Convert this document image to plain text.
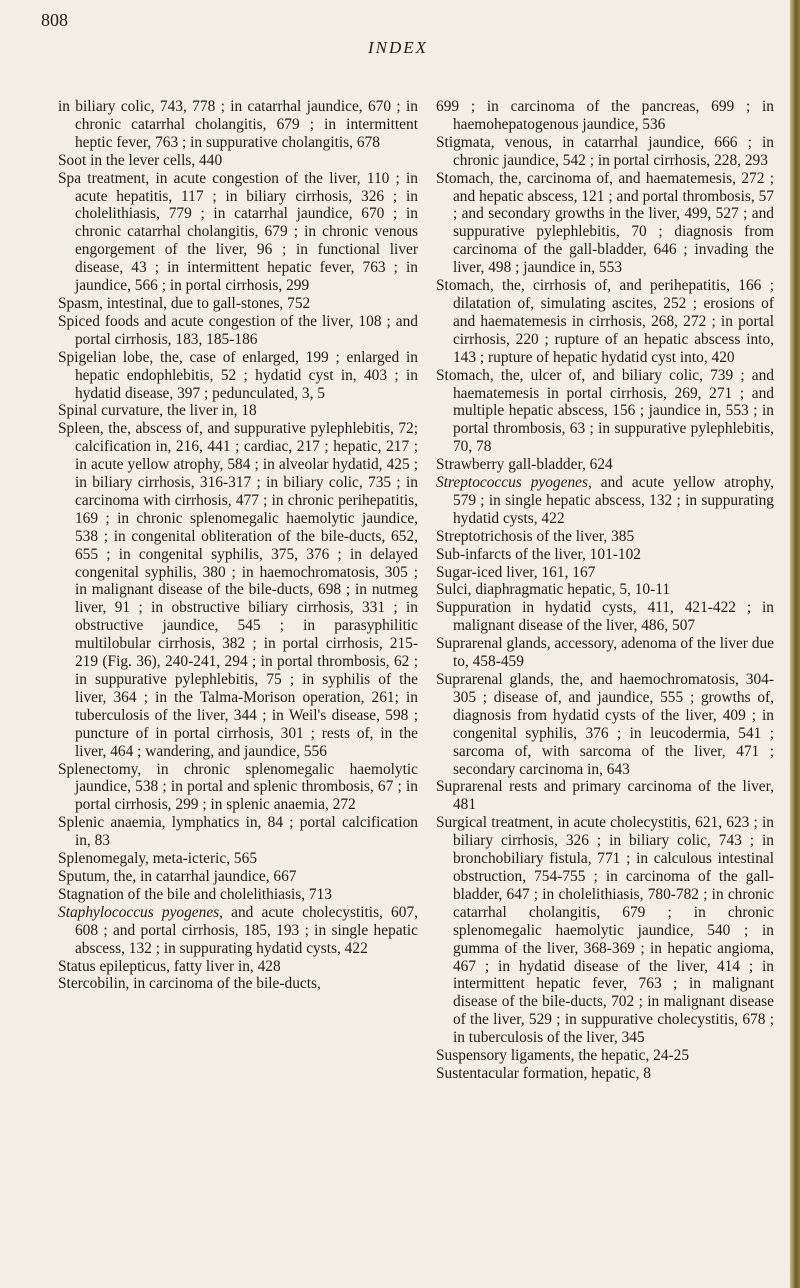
808
INDEX

in biliary colic, 743, 778 ; in catarrhal jaundice, 670 ; in chronic catarrhal cholangitis, 679 ; in intermittent heptic fever, 763 ; in suppurative cholangitis, 678

Soot in the lever cells, 440

Spa treatment, in acute congestion of the liver, 110 ; in acute hepatitis, 117 ; in biliary cirrhosis, 326 ; in cholelithiasis, 779 ; in catarrhal jaundice, 670 ; in chronic catarrhal cholangitis, 679 ; in chronic venous engorgement of the liver, 96 ; in functional liver disease, 43 ; in intermittent hepatic fever, 763 ; in jaundice, 566 ; in portal cirrhosis, 299

Spasm, intestinal, due to gall-stones, 752

Spiced foods and acute congestion of the liver, 108 ; and portal cirrhosis, 183, 185-186

Spigelian lobe, the, case of enlarged, 199 ; enlarged in hepatic endophlebitis, 52 ; hydatid cyst in, 403 ; in hydatid disease, 397 ; pedunculated, 3, 5

Spinal curvature, the liver in, 18

Spleen, the, abscess of, and suppurative pylephlebitis, 72; calcification in, 216, 441 ; cardiac, 217 ; hepatic, 217 ; in acute yellow atrophy, 584 ; in alveolar hydatid, 425 ; in biliary cirrhosis, 316-317 ; in biliary colic, 735 ; in carcinoma with cirrhosis, 477 ; in chronic perihepatitis, 169 ; in chronic splenomegalic haemolytic jaundice, 538 ; in congenital obliteration of the bile-ducts, 652, 655 ; in congenital syphilis, 375, 376 ; in delayed congenital syphilis, 380 ; in haemochromatosis, 305 ; in malignant disease of the bile-ducts, 698 ; in nutmeg liver, 91 ; in obstructive biliary cirrhosis, 331 ; in obstructive jaundice, 545 ; in parasyphilitic multilobular cirrhosis, 382 ; in portal cirrhosis, 215-219 (Fig. 36), 240-241, 294 ; in portal thrombosis, 62 ; in suppurative pylephlebitis, 75 ; in syphilis of the liver, 364 ; in the Talma-Morison operation, 261; in tuberculosis of the liver, 344 ; in Weil's disease, 598 ; puncture of in portal cirrhosis, 301 ; rests of, in the liver, 464 ; wandering, and jaundice, 556

Splenectomy, in chronic splenomegalic haemolytic jaundice, 538 ; in portal and splenic thrombosis, 67 ; in portal cirrhosis, 299 ; in splenic anaemia, 272

Splenic anaemia, lymphatics in, 84 ; portal calcification in, 83

Splenomegaly, meta-icteric, 565

Sputum, the, in catarrhal jaundice, 667

Stagnation of the bile and cholelithiasis, 713

Staphylococcus pyogenes, and acute cholecystitis, 607, 608 ; and portal cirrhosis, 185, 193 ; in single hepatic abscess, 132 ; in suppurating hydatid cysts, 422

Status epilepticus, fatty liver in, 428

Stercobilin, in carcinoma of the bile-ducts,

699 ; in carcinoma of the pancreas, 699 ; in haemohepatogenous jaundice, 536

Stigmata, venous, in catarrhal jaundice, 666 ; in chronic jaundice, 542 ; in portal cirrhosis, 228, 293

Stomach, the, carcinoma of, and haematemesis, 272 ; and hepatic abscess, 121 ; and portal thrombosis, 57 ; and secondary growths in the liver, 499, 527 ; and suppurative pylephlebitis, 70 ; diagnosis from carcinoma of the gall-bladder, 646 ; invading the liver, 498 ; jaundice in, 553

Stomach, the, cirrhosis of, and perihepatitis, 166 ; dilatation of, simulating ascites, 252 ; erosions of and haematemesis in cirrhosis, 268, 272 ; in portal cirrhosis, 220 ; rupture of an hepatic abscess into, 143 ; rupture of hepatic hydatid cyst into, 420

Stomach, the, ulcer of, and biliary colic, 739 ; and haematemesis in portal cirrhosis, 269, 271 ; and multiple hepatic abscess, 156 ; jaundice in, 553 ; in portal thrombosis, 63 ; in suppurative pylephlebitis, 70, 78

Strawberry gall-bladder, 624

Streptococcus pyogenes, and acute yellow atrophy, 579 ; in single hepatic abscess, 132 ; in suppurating hydatid cysts, 422

Streptotrichosis of the liver, 385

Sub-infarcts of the liver, 101-102

Sugar-iced liver, 161, 167

Sulci, diaphragmatic hepatic, 5, 10-11

Suppuration in hydatid cysts, 411, 421-422 ; in malignant disease of the liver, 486, 507

Suprarenal glands, accessory, adenoma of the liver due to, 458-459

Suprarenal glands, the, and haemochromatosis, 304-305 ; disease of, and jaundice, 555 ; growths of, diagnosis from hydatid cysts of the liver, 409 ; in congenital syphilis, 376 ; in leucodermia, 541 ; sarcoma of, with sarcoma of the liver, 471 ; secondary carcinoma in, 643

Suprarenal rests and primary carcinoma of the liver, 481

Surgical treatment, in acute cholecystitis, 621, 623 ; in biliary cirrhosis, 326 ; in biliary colic, 743 ; in bronchobiliary fistula, 771 ; in calculous intestinal obstruction, 754-755 ; in carcinoma of the gall-bladder, 647 ; in cholelithiasis, 780-782 ; in chronic catarrhal cholangitis, 679 ; in chronic splenomegalic haemolytic jaundice, 540 ; in gumma of the liver, 368-369 ; in hepatic angioma, 467 ; in hydatid disease of the liver, 414 ; in intermittent hepatic fever, 763 ; in malignant disease of the bile-ducts, 702 ; in malignant disease of the liver, 529 ; in suppurative cholecystitis, 678 ; in tuberculosis of the liver, 345

Suspensory ligaments, the hepatic, 24-25

Sustentacular formation, hepatic, 8
